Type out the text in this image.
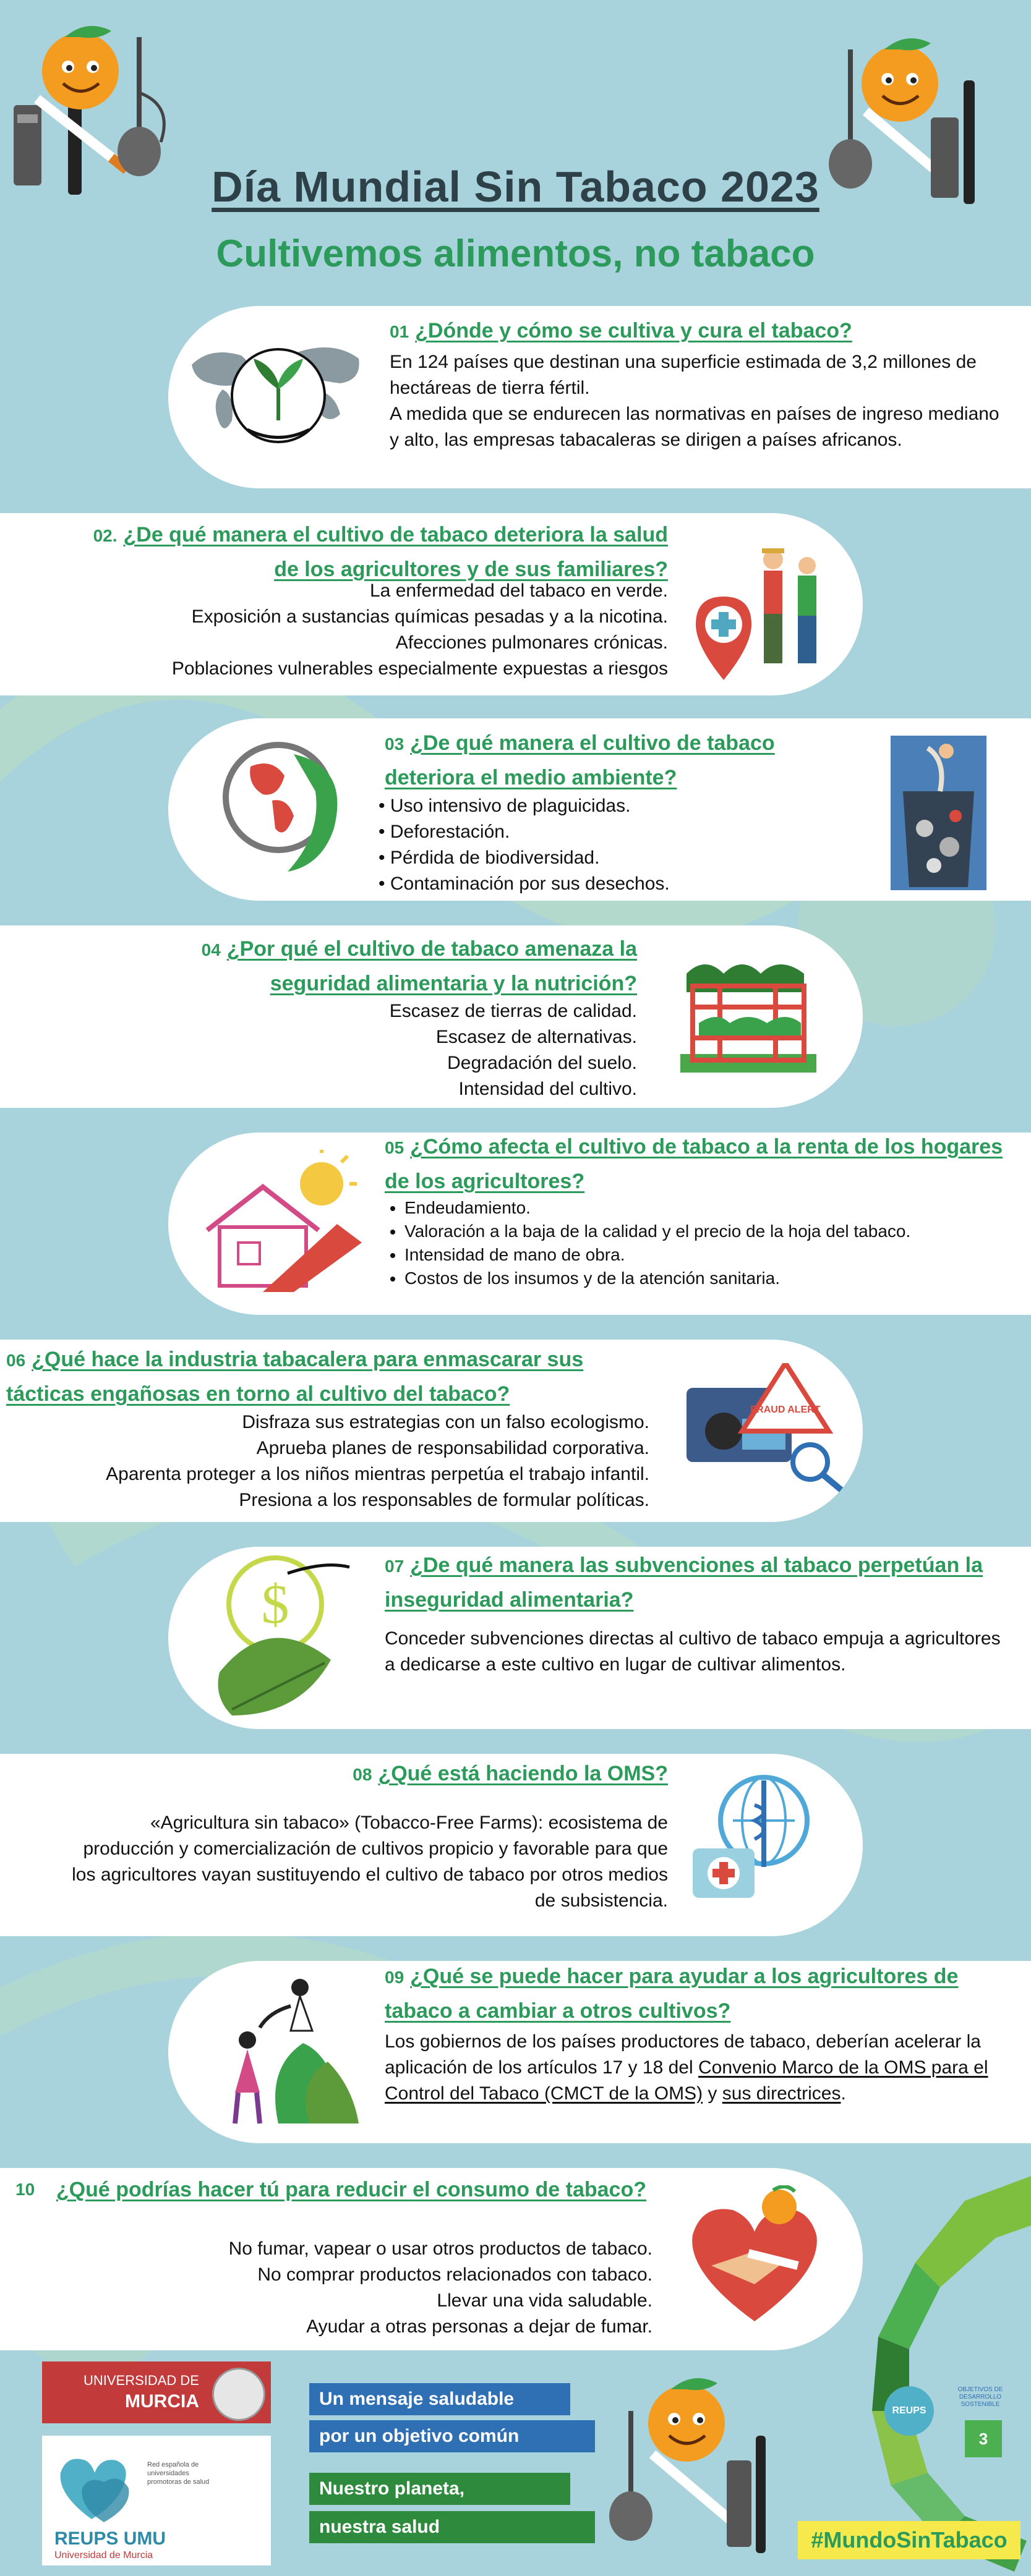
Día Mundial Sin Tabaco 2023
Cultivemos alimentos, no tabaco
01 ¿Dónde y cómo se cultiva y cura el tabaco?
En 124 países que destinan una superficie estimada de 3,2 millones de hectáreas de tierra fértil.
A medida que se endurecen las normativas en países de ingreso mediano y alto, las empresas tabacaleras se dirigen a países africanos.
02. ¿De qué manera el cultivo de tabaco deteriora la salud de los agricultores y de sus familiares?
La enfermedad del tabaco en verde.
Exposición a sustancias químicas pesadas y a la nicotina.
Afecciones pulmonares crónicas.
Poblaciones vulnerables especialmente expuestas a riesgos
03 ¿De qué manera el cultivo de tabaco deteriora el medio ambiente?
• Uso intensivo de plaguicidas.
• Deforestación.
• Pérdida de biodiversidad.
• Contaminación por sus desechos.
04 ¿Por qué el cultivo de tabaco amenaza la seguridad alimentaria y la nutrición?
Escasez de tierras de calidad.
Escasez de alternativas.
Degradación del suelo.
Intensidad del cultivo.
05 ¿Cómo afecta el cultivo de tabaco a la renta de los hogares de los agricultores?
• Endeudamiento.
• Valoración a la baja de la calidad y el precio de la hoja del tabaco.
• Intensidad de mano de obra.
• Costos de los insumos y de la atención sanitaria.
06 ¿Qué hace la industria tabacalera para enmascarar sus tácticas engañosas en torno al cultivo del tabaco?
Disfraza sus estrategias con un falso ecologismo.
Aprueba planes de responsabilidad corporativa.
Aparenta proteger a los niños mientras perpetúa el trabajo infantil.
Presiona a los responsables de formular políticas.
FRAUD ALERT
$
07 ¿De qué manera las subvenciones al tabaco perpetúan la inseguridad alimentaria?
Conceder subvenciones directas al cultivo de tabaco empuja a agricultores a dedicarse a este cultivo en lugar de cultivar alimentos.
08 ¿Qué está haciendo la OMS?
«Agricultura sin tabaco» (Tobacco-Free Farms): ecosistema de producción y comercialización de cultivos propicio y favorable para que los agricultores vayan sustituyendo el cultivo de tabaco por otros medios de subsistencia.
09 ¿Qué se puede hacer para ayudar a los agricultores de tabaco a cambiar a otros cultivos?
Los gobiernos de los países productores de tabaco, deberían acelerar la aplicación de los artículos 17 y 18 del Convenio Marco de la OMS para el Control del Tabaco (CMCT de la OMS) y sus directrices.
10 ¿Qué podrías hacer tú para reducir el consumo de tabaco?
No fumar, vapear o usar otros productos de tabaco.
No comprar productos relacionados con tabaco.
Llevar una vida saludable.
Ayudar a otras personas a dejar de fumar.
UNIVERSIDAD DE
MURCIA
Red española de universidades promotoras de salud
REUPS UMU
Universidad de Murcia
Un mensaje saludable
por un objetivo común
Nuestro planeta,
nuestra salud
REUPS
OBJETIVOS DE DESARROLLO SOSTENIBLE
3
#MundoSinTabaco
